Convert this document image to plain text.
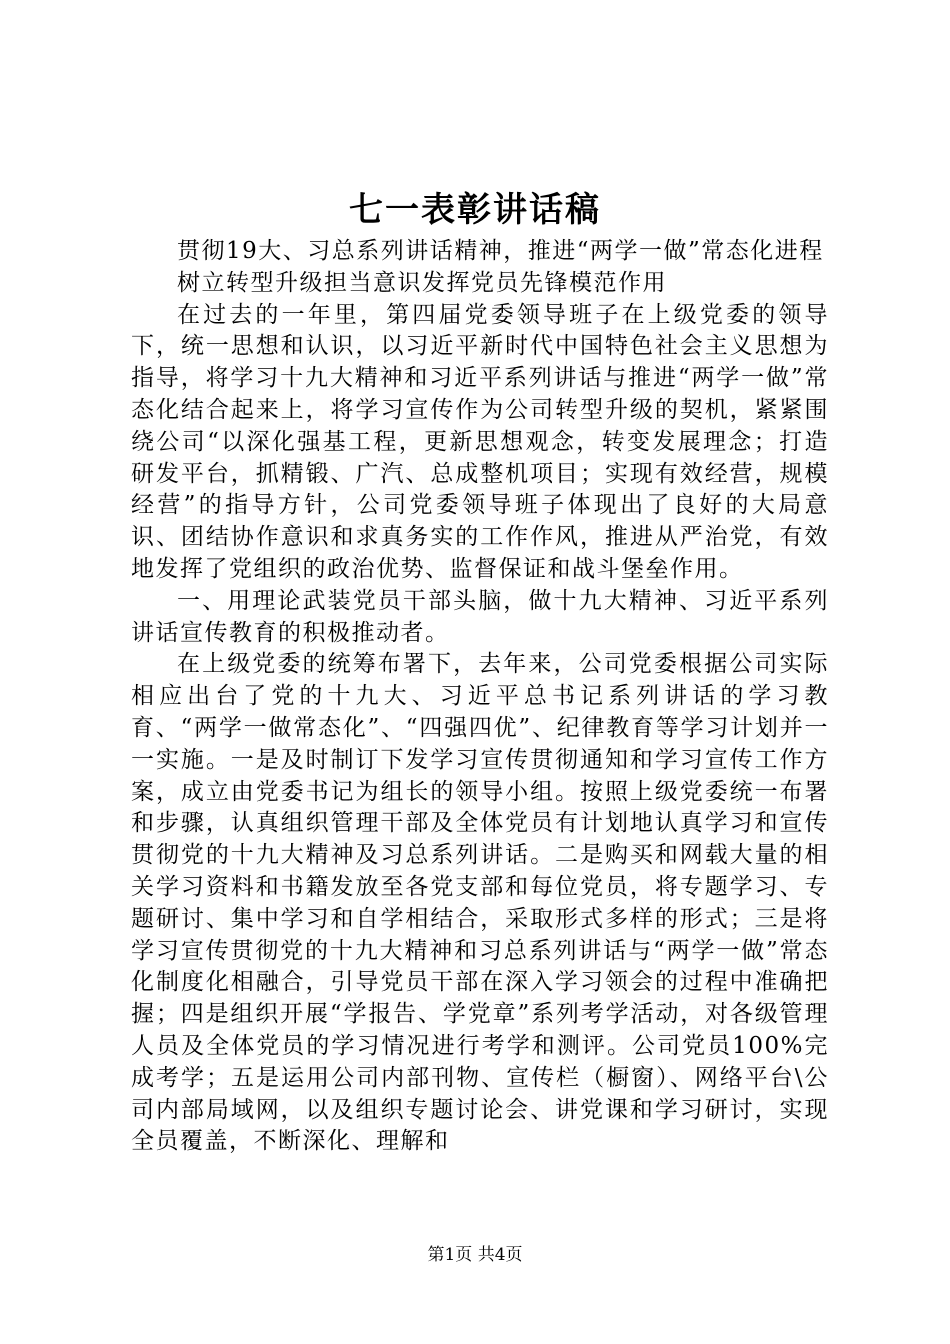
七一表彰讲话稿

贯彻19大、习总系列讲话精神，推进“两学一做”常态化进程

树立转型升级担当意识发挥党员先锋模范作用

在过去的一年里，第四届党委领导班子在上级党委的领导下，统一思想和认识，以习近平新时代中国特色社会主义思想为指导，将学习十九大精神和习近平系列讲话与推进“两学一做”常态化结合起来上，将学习宣传作为公司转型升级的契机，紧紧围绕公司“以深化强基工程，更新思想观念，转变发展理念；打造研发平台，抓精锻、广汽、总成整机项目；实现有效经营，规模经营”的指导方针，公司党委领导班子体现出了良好的大局意识、团结协作意识和求真务实的工作作风，推进从严治党，有效地发挥了党组织的政治优势、监督保证和战斗堡垒作用。

一、用理论武装党员干部头脑，做十九大精神、习近平系列讲话宣传教育的积极推动者。

在上级党委的统筹布署下，去年来，公司党委根据公司实际相应出台了党的十九大、习近平总书记系列讲话的学习教育、“两学一做常态化”、“四强四优”、纪律教育等学习计划并一一实施。一是及时制订下发学习宣传贯彻通知和学习宣传工作方案，成立由党委书记为组长的领导小组。按照上级党委统一布署和步骤，认真组织管理干部及全体党员有计划地认真学习和宣传贯彻党的十九大精神及习总系列讲话。二是购买和网载大量的相关学习资料和书籍发放至各党支部和每位党员，将专题学习、专题研讨、集中学习和自学相结合，采取形式多样的形式；三是将学习宣传贯彻党的十九大精神和习总系列讲话与“两学一做”常态化制度化相融合，引导党员干部在深入学习领会的过程中准确把握；四是组织开展“学报告、学党章”系列考学活动，对各级管理人员及全体党员的学习情况进行考学和测评。公司党员100%完成考学；五是运用公司内部刊物、宣传栏（橱窗）、网络平台\公司内部局域网，以及组织专题讨论会、讲党课和学习研讨，实现全员覆盖，不断深化、理解和

第1页 共4页
